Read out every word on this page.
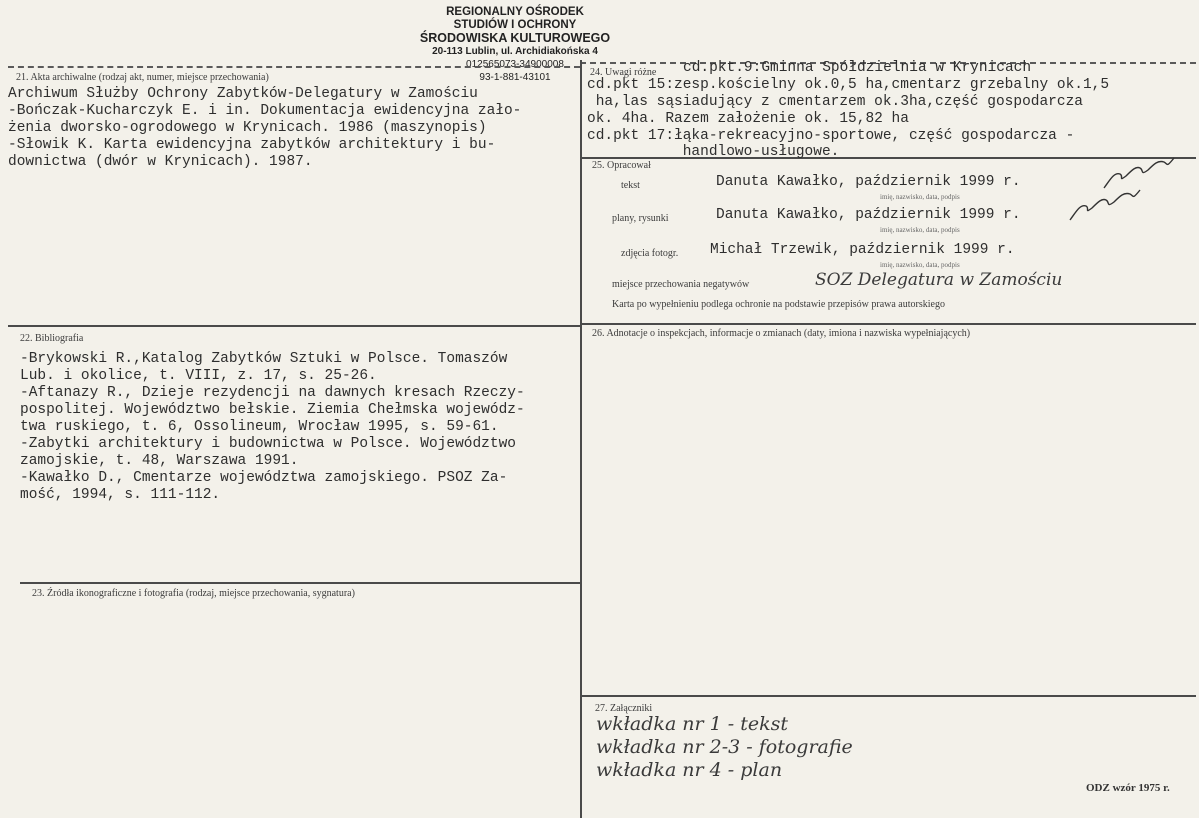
REGIONALNY OŚRODEK
STUDIÓW I OCHRONY
ŚRODOWISKA KULTUROWEGO
20-113 Lublin, ul. Archidiakońska 4
012565073-34900008
93-1-881-43101
21. Akta archiwalne (rodzaj akt, numer, miejsce przechowania)
Archiwum Służby Ochrony Zabytków-Delegatury w Zamościu
-Bończak-Kucharczyk E. i in. Dokumentacja ewidencyjna zało-
żenia dworsko-ogrodowego w Krynicach. 1986 (maszynopis)
-Słowik K. Karta ewidencyjna zabytków architektury i bu-
downictwa (dwór w Krynicach). 1987.
24. Uwagi różne cd.pkt.9:Gminna Spółdzielnia w Krynicach
cd.pkt 15:zesp.kościelny ok.0,5 ha,cmentarz grzebalny ok.1,5
ha,las sąsiadujący z cmentarzem ok.3ha,część gospodarcza
ok. 4ha. Razem założenie ok. 15,82 ha
cd.pkt 17:łąka-rekreacyjno-sportowe, część gospodarcza -
handlowo-usługowe.
25. Opracował
tekst	Danuta Kawałko, październik 1999 r.
imię, nazwisko, data, podpis
plany, rysunki	Danuta Kawałko, październik 1999 r.
imię, nazwisko, data, podpis
zdjęcia fotogr. Michał Trzewik, październik 1999 r.
imię, nazwisko, data, podpis
miejsce przechowania negatywów	SOZ Delegatura w Zamościu
Karta po wypełnieniu podlega ochronie na podstawie przepisów prawa autorskiego
22. Bibliografia
-Brykowski R.,Katalog Zabytków Sztuki w Polsce. Tomaszów
Lub. i okolice, t. VIII, z. 17, s. 25-26.
-Aftanazy R., Dzieje rezydencji na dawnych kresach Rzeczy-
pospolitej. Województwo bełskie. Ziemia Chełmska wojewódz-
twa ruskiego, t. 6, Ossolineum, Wrocław 1995, s. 59-61.
-Zabytki architektury i budownictwa w Polsce. Województwo
zamojskie, t. 48, Warszawa 1991.
-Kawałko D., Cmentarze województwa zamojskiego. PSOZ Za-
mość, 1994, s. 111-112.
26. Adnotacje o inspekcjach, informacje o zmianach (daty, imiona i nazwiska wypełniających)
23. Źródła ikonograficzne i fotografia (rodzaj, miejsce przechowania, sygnatura)
27. Załączniki
wkładka nr 1 - tekst
wkładka nr 2-3 - fotografie
wkładka nr 4 - plan
ODZ wzór 1975 r.
